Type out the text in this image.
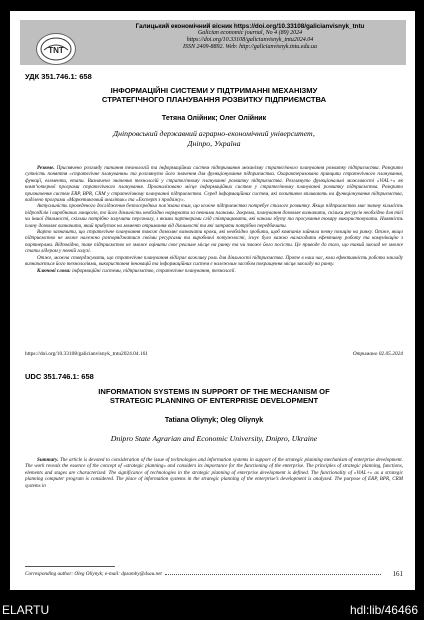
TNT
Галицький економічний вісник https://doi.org/10.33108/galicianvisnyk_tntu
Galician economic journal, No 4 (89) 2024
https://doi.org/10.33108/galicianvisnyk_tntu2024.04
ISSN 2409-8892. Web: http://galicianvisnyk.tntu.edu.ua
УДК 351.746.1: 658
ІНФОРМАЦІЙНІ СИСТЕМИ У ПІДТРИМАННІ МЕХАНІЗМУ
СТРАТЕГІЧНОГО ПЛАНУВАННЯ РОЗВИТКУ ПІДПРИЄМСТВА
Тетяна Олійник; Олег Олійник
Дніпровський державний аграрно-економічний університет,
Дніпро, Україна

Резюме. Присвячено розгляду питання технологій та інформаційних систем підтримання механізму стратегічного планування розвитку підприємства. Розкрито сутність поняття «стратегічне планування» та розглянуто його значення для функціонування підприємства. Охарактеризовано принципи стратегічного планування, функції, елементи, етапи. Визначено значення технологій у стратегічному плануванні розвитку підприємства. Розглянуто функціональні можливості «ViAL+» як комп’ютерної програми стратегічного планування. Проаналізовано місце інформаційних систем у стратегічному плануванні розвитку підприємства. Розкрито призначення систем ERP, BPR, CRM у стратегічному плануванні підприємства. Серед інформаційних систем, які позитивно впливають на функціонування підприємства, виділено програми «Маркетинговий аналітик» та «Експерт з продажу».

Актуальність проведеного дослідження безпосередньо пов’язана тим, що кожне підприємство потребує сталого розвитку. Якщо підприємство має значну кількість підрозділів і виробничих ланцюгів, то його діяльність необхідно нормувати за певними планами. Зокрема, планування дозволяє визначити, скільки ресурсів необхідно для тієї чи іншої діяльності, скільки потрібно залучити персоналу, з якими партнерами слід співпрацювати, які канали збуту та просування товару використовувати. Наявність плану дозволяє визначити, який прибуток на момент отримання від діяльності та які затрати потрібно передбачити.

Варто зазначити, що стратегічне планування також дозволяє визначати кроки, які необхідно зробити, щоб компанія зайняла певну позицію на ринку. Отже, якщо підприємство не може належно розпоряджатися своїми ресурсами та виробничі потужності, існує було важко налагодити ефективну роботу та комунікацію з партнерами. Відповідно, таке підприємство не зможе оцінити своє реальне місце на ринку та чи зможе його посісти. Це приводе до того, що такий заклад не зможе стати лідером у певній галузі.

Отже, можна стверджувати, що стратегічне планування відіграє важливу роль для діяльності підприємства. Проте в наш час, коли ефективність роботи закладу визначається його технологіями, використання інновацій та інформаційних систем є належним засобом покращення місця закладу на ринку.

Ключові слова: інформаційні системи, підприємство, стратегічне планування, технології.

https://doi.org/10.33108/galicianvisnyk_tntu2024.04.161	Отримано 02.05.2024
UDC 351.746.1: 658
INFORMATION SYSTEMS IN SUPPORT OF THE MECHANISM OF
STRATEGIC PLANNING OF ENTERPRISE DEVELOPMENT
Tatiana Oliynyk; Oleg Oliynyk
Dnipro State Agrarian and Economic University, Dnipro, Ukraine

Summary. The article is devoted to consideration of the issue of technologies and information systems in support of the strategic planning mechanism of enterprise development. The work reveals the essence of the concept of «strategic planning» and considers its importance for the functioning of the enterprise. The principles of strategic planning, functions, elements and stages are characterized. The significance of technologies in the strategic planning of enterprise development is defined. The functionality of «ViAL+» as a strategic planning computer program is considered. The place of information systems in the strategic planning of the enterprise’s development is analyzed. The purpose of ERP, BPR, CRM systems in

Corresponding author: Oleg Oliynyk; e-mail: dpzamby@dsau.net	161
ELARTU	hdl:lib/46466
